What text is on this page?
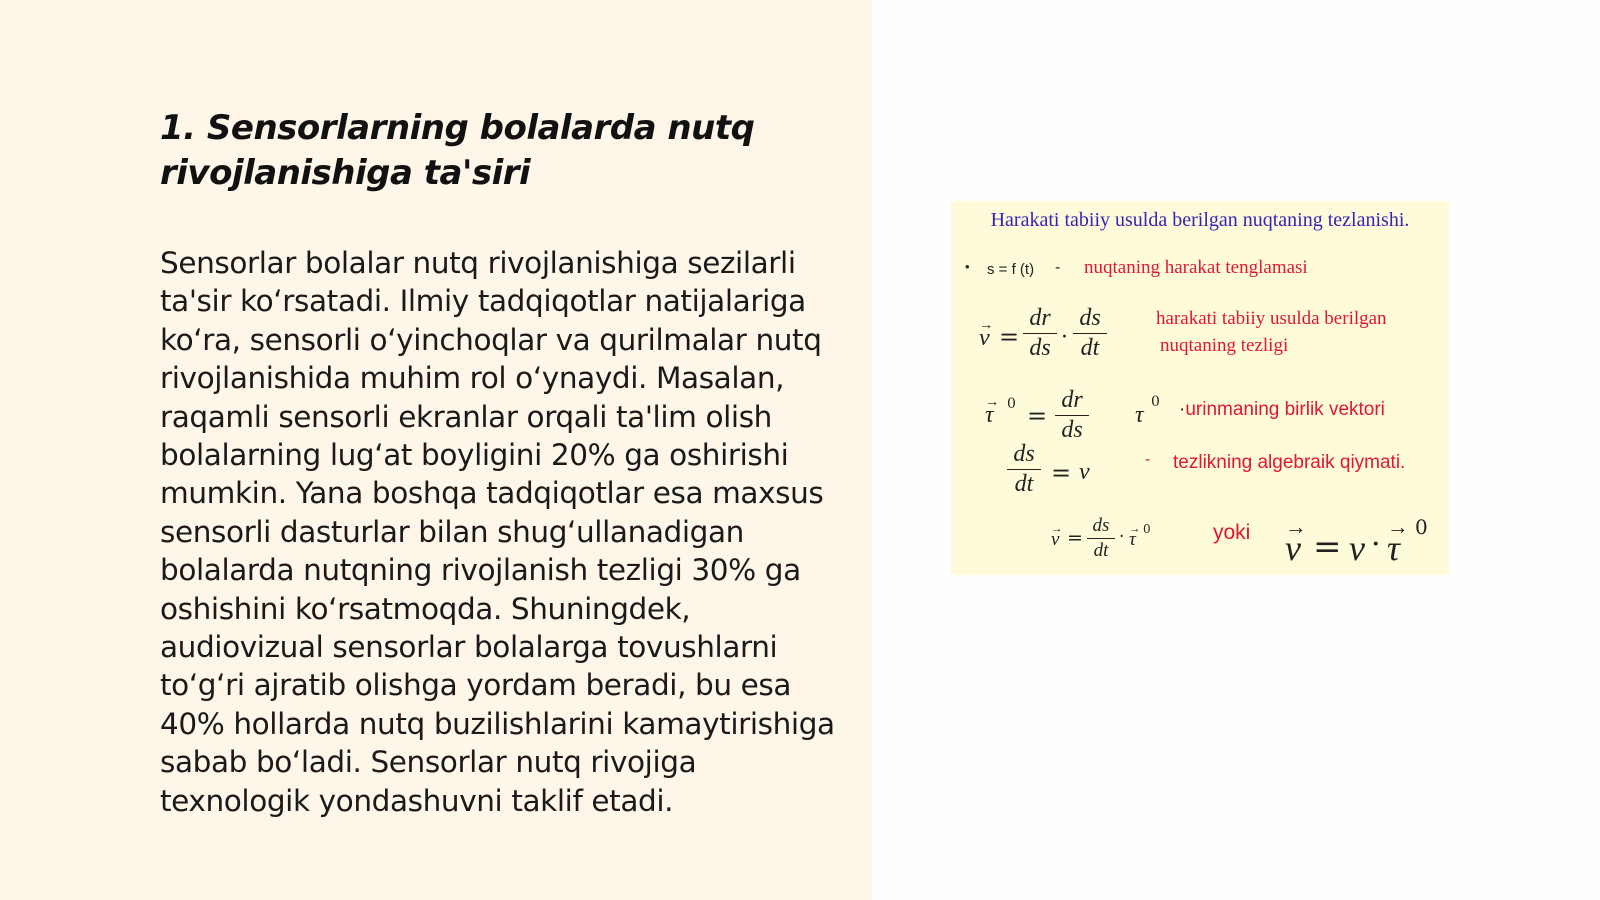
1. Sensorlarning bolalarda nutq rivojlanishiga ta'siri

Sensorlar bolalar nutq rivojlanishiga sezilarli ta'sir ko‘rsatadi. Ilmiy tadqiqotlar natijalariga ko‘ra, sensorli o‘yinchoqlar va qurilmalar nutq rivojlanishida muhim rol o‘ynaydi. Masalan, raqamli sensorli ekranlar orqali ta'lim olish bolalarning lug‘at boyligini 20% ga oshirishi mumkin. Yana boshqa tadqiqotlar esa maxsus sensorli dasturlar bilan shug‘ullanadigan bolalarda nutqning rivojlanish tezligi 30% ga oshishini ko‘rsatmoqda. Shuningdek, audiovizual sensorlar bolalarga tovushlarni to‘g‘ri ajratib olishga yordam beradi, bu esa 40% hollarda nutq buzilishlarini kamaytirishiga sabab bo‘ladi. Sensorlar nutq rivojiga texnologik yondashuvni taklif etadi.

Harakati tabiiy usulda berilgan nuqtaning tezlanishi.
• s = f (t) - nuqtaning harakat tenglamasi
→ v =
dr
ds ·
ds
dt
harakati tabiiy usulda berilgan
nuqtaning tezligi
→ τ 0 =
dr
ds
τ 0 ·urinmaning birlik vektori
ds
dt = v	- tezlikning algebraik qiymati.
→ v =
ds
dt
· → τ 0	yoki → v = v · → τ
0
